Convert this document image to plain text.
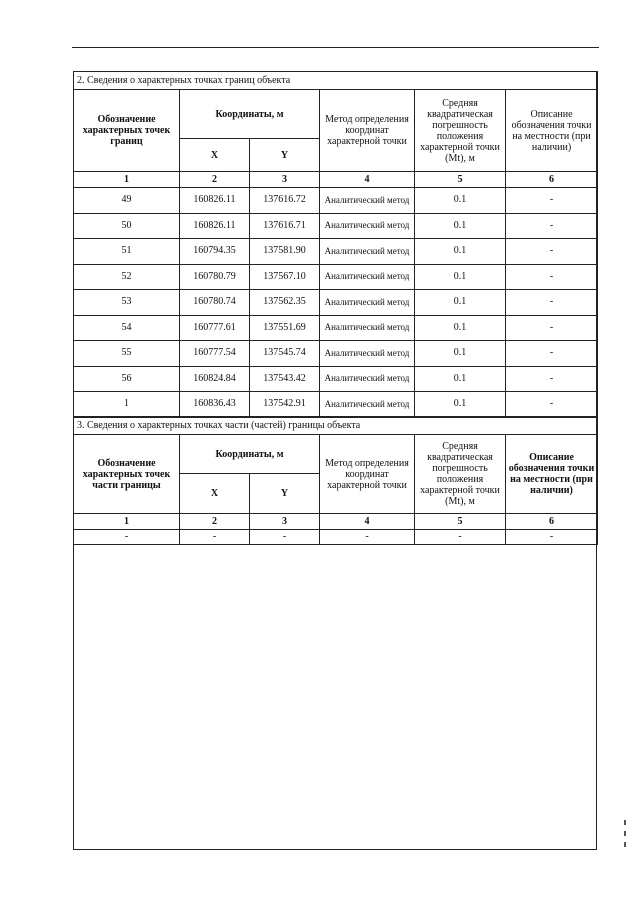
2. Сведения о характерных точках границ объекта					
Обозначение характерных точек границ	Координаты, м		Метод определения координат характерной точки	Средняя квадратическая погрешность положения характерной точки (Mt), м	Описание обозначения точки на местности (при наличии)
	X	Y			
1	2	3	4	5	6
49	160826.11	137616.72	Аналитический метод	0.1	-
50	160826.11	137616.71	Аналитический метод	0.1	-
51	160794.35	137581.90	Аналитический метод	0.1	-
52	160780.79	137567.10	Аналитический метод	0.1	-
53	160780.74	137562.35	Аналитический метод	0.1	-
54	160777.61	137551.69	Аналитический метод	0.1	-
55	160777.54	137545.74	Аналитический метод	0.1	-
56	160824.84	137543.42	Аналитический метод	0.1	-
1	160836.43	137542.91	Аналитический метод	0.1	-
3. Сведения о характерных точках части (частей) границы объекта					
Обозначение характерных точек части границы	Координаты, м		Метод определения координат характерной точки	Средняя квадратическая погрешность положения характерной точки (Mt), м	Описание обозначения точки на местности (при наличии)
	X	Y			
1	2	3	4	5	6
-	-	-	-	-	-
